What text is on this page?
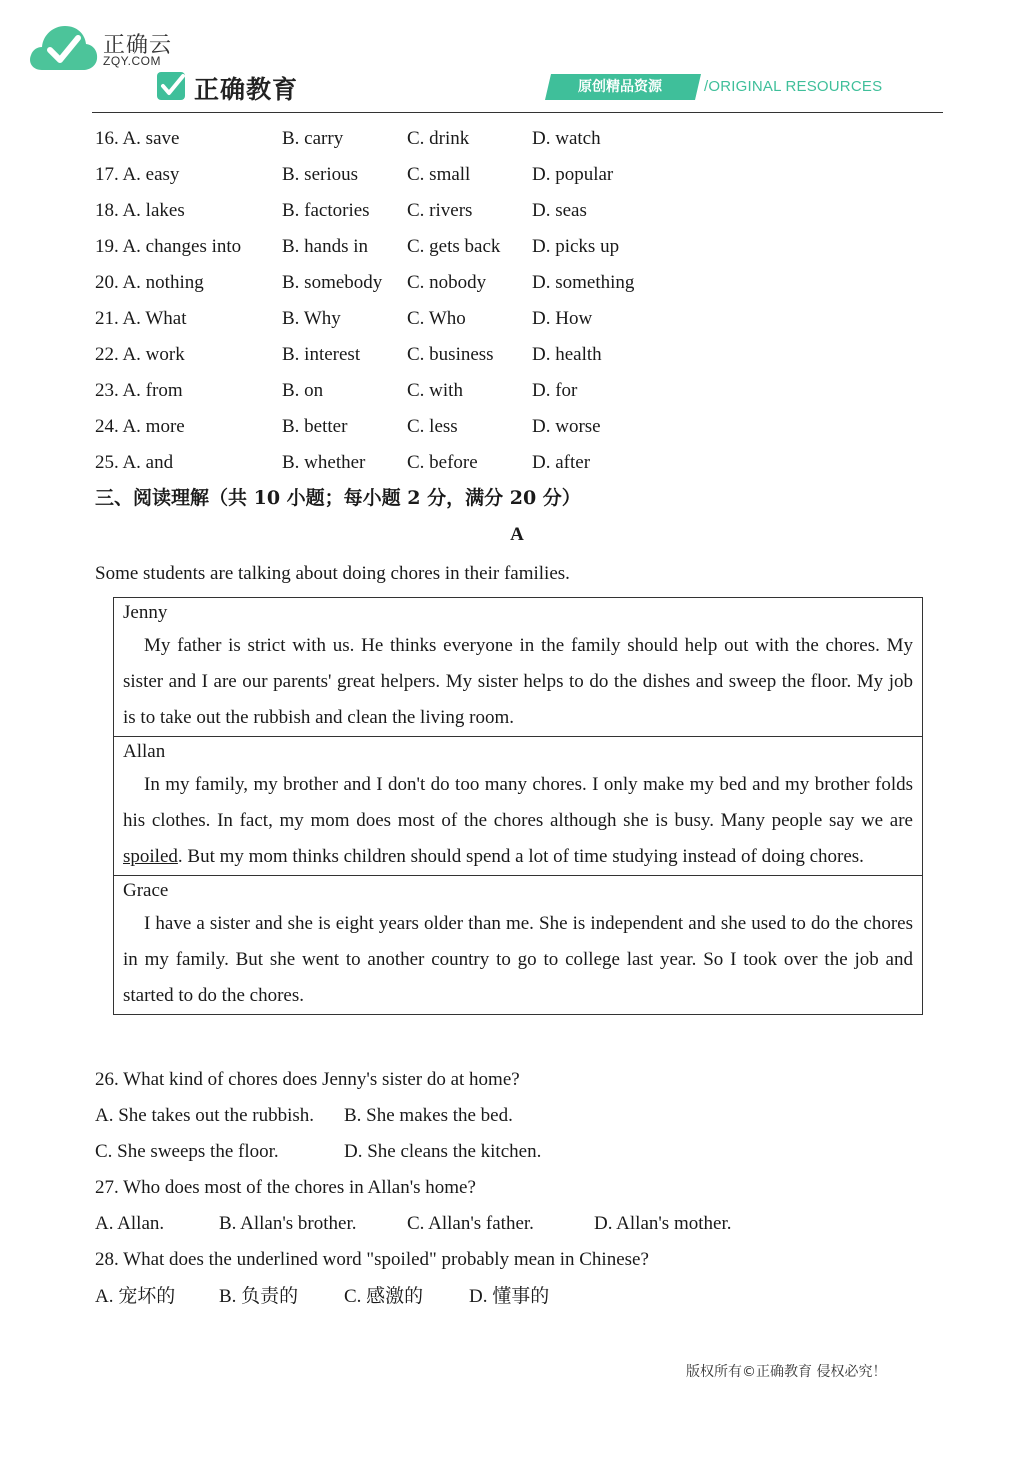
正确云
ZQY.COM
正确教育	原创精品资源	/ORIGINAL RESOURCES
16. A. save	B. carry	C. drink	D. watch
17. A. easy	B. serious	C. small	D. popular
18. A. lakes	B. factories C. rivers	D. seas
19. A. changes into B. hands in C. gets back D. picks up
20. A. nothing	B. somebody C. nobody D. something
21. A. What	B. Why	C. Who	D. How
22. A. work	B. interest C. business D. health
23. A. from	B. on	C. with	D. for
24. A. more	B. better	C. less	D. worse
25. A. and	B. whether C. before	D. after
三、阅读理解（共 10 小题；每小题 2 分，满分 20 分）
A
Some students are talking about doing chores in their families.
Jenny
My father is strict with us. He thinks everyone in the family should help out with the chores. My sister and I are our parents' great helpers. My sister helps to do the dishes and sweep the floor. My job is to take out the rubbish and clean the living room.
Allan
In my family, my brother and I don't do too many chores. I only make my bed and my brother folds his clothes. In fact, my mom does most of the chores although she is busy. Many people say we are spoiled. But my mom thinks children should spend a lot of time studying instead of doing chores.
Grace
I have a sister and she is eight years older than me. She is independent and she used to do the chores in my family. But she went to another country to go to college last year. So I took over the job and started to do the chores.
26. What kind of chores does Jenny's sister do at home?
A. She takes out the rubbish. B. She makes the bed.
C. She sweeps the floor.	D. She cleans the kitchen.
27. Who does most of the chores in Allan's home?
A. Allan.	B. Allan's brother.	C. Allan's father.	D. Allan's mother.
28. What does the underlined word "spoiled" probably mean in Chinese?
A. 宠坏的 B. 负责的 C. 感激的 D. 懂事的
版权所有©正确教育 侵权必究！
